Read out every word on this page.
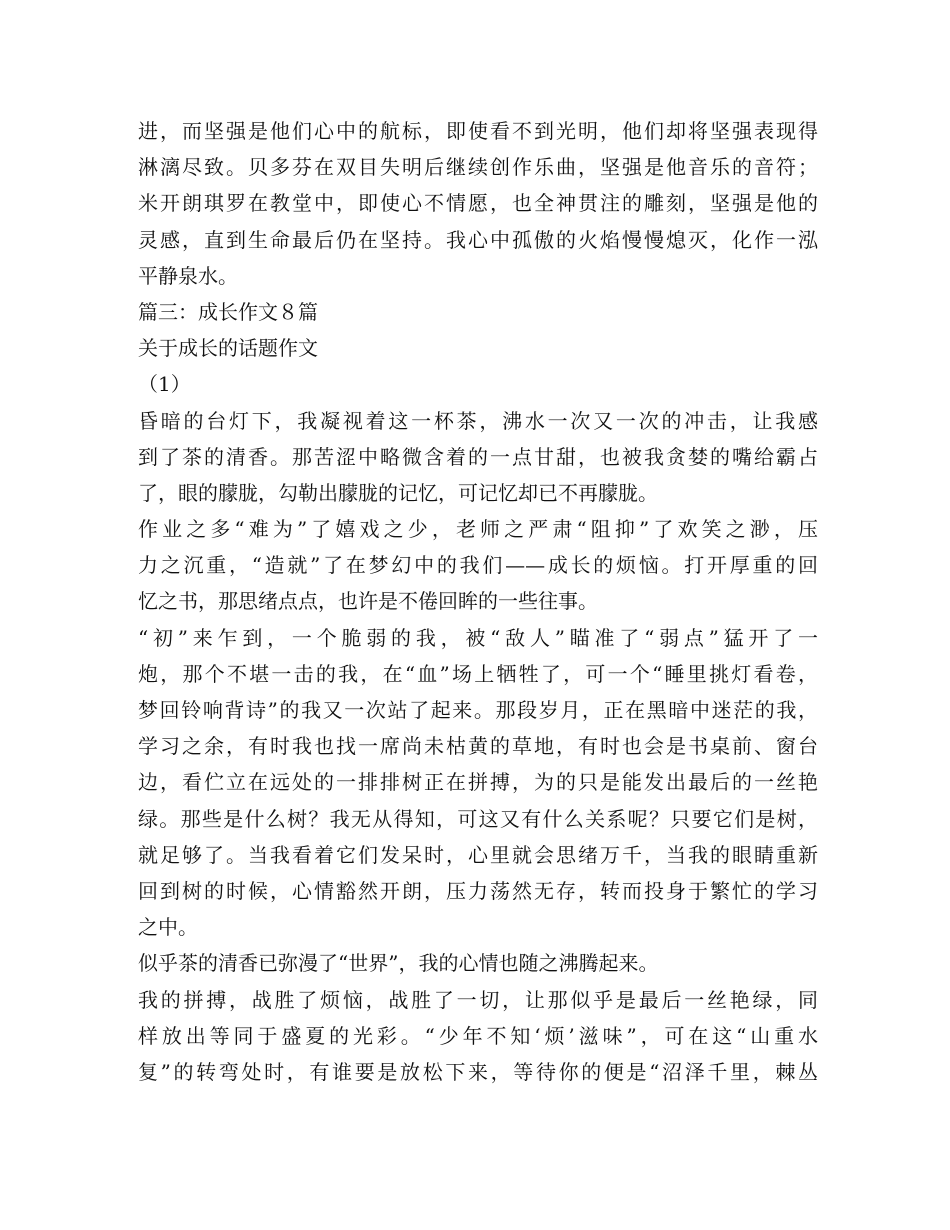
进，而坚强是他们心中的航标，即使看不到光明，他们却将坚强表现得
淋漓尽致。贝多芬在双目失明后继续创作乐曲，坚强是他音乐的音符；
米开朗琪罗在教堂中，即使心不情愿，也全神贯注的雕刻，坚强是他的
灵感，直到生命最后仍在坚持。我心中孤傲的火焰慢慢熄灭，化作一泓
平静泉水。
篇三：成长作文８篇
关于成长的话题作文
（1）
昏暗的台灯下，我凝视着这一杯茶，沸水一次又一次的冲击，让我感
到了茶的清香。那苦涩中略微含着的一点甘甜，也被我贪婪的嘴给霸占
了，眼的朦胧，勾勒出朦胧的记忆，可记忆却已不再朦胧。
作业之多“难为”了嬉戏之少，老师之严肃“阻抑”了欢笑之渺，压
力之沉重，“造就”了在梦幻中的我们——成长的烦恼。打开厚重的回
忆之书，那思绪点点，也许是不倦回眸的一些往事。
“初”来乍到，一个脆弱的我，被“敌人”瞄准了“弱点”猛开了一
炮，那个不堪一击的我，在“血”场上牺牲了，可一个“睡里挑灯看卷，
梦回铃响背诗”的我又一次站了起来。那段岁月，正在黑暗中迷茫的我，
学习之余，有时我也找一席尚未枯黄的草地，有时也会是书桌前、窗台
边，看伫立在远处的一排排树正在拼搏，为的只是能发出最后的一丝艳
绿。那些是什么树？我无从得知，可这又有什么关系呢？只要它们是树，
就足够了。当我看着它们发呆时，心里就会思绪万千，当我的眼睛重新
回到树的时候，心情豁然开朗，压力荡然无存，转而投身于繁忙的学习
之中。
似乎茶的清香已弥漫了“世界”，我的心情也随之沸腾起来。
我的拼搏，战胜了烦恼，战胜了一切，让那似乎是最后一丝艳绿，同
样放出等同于盛夏的光彩。“少年不知‘烦’滋味”，可在这“山重水
复”的转弯处时，有谁要是放松下来，等待你的便是“沼泽千里，棘丛
